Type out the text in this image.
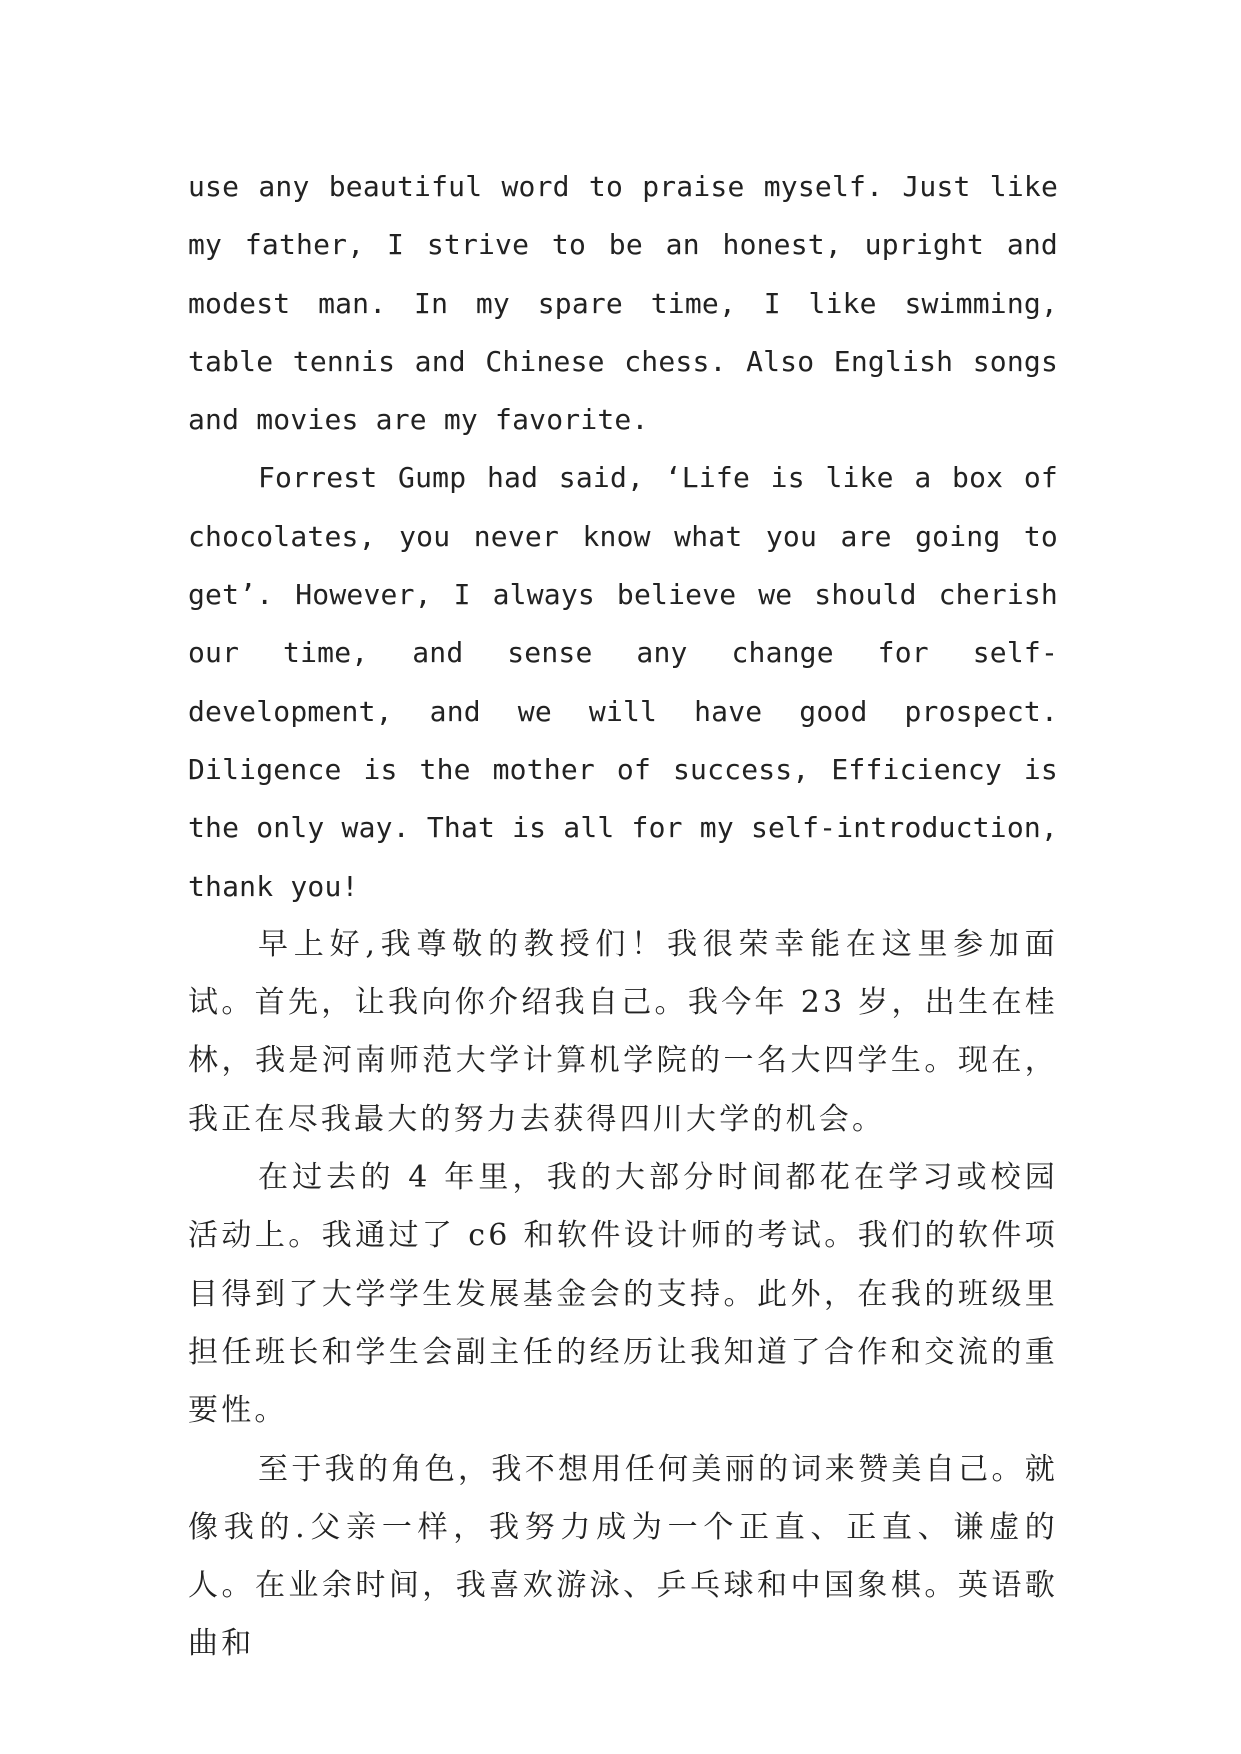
use any beautiful word to praise myself. Just like my father, I strive to be an honest, upright and modest man. In my spare time, I like swimming, table tennis and Chinese chess. Also English songs and movies are my favorite.

Forrest Gump had said, ‘Life is like a box of chocolates, you never know what you are going to get’. However, I always believe we should cherish our time, and sense any change for self-development, and we will have good prospect. Diligence is the mother of success, Efficiency is the only way. That is all for my self-introduction, thank you!

早上好,我尊敬的教授们！我很荣幸能在这里参加面试。首先，让我向你介绍我自己。我今年 23 岁，出生在桂林，我是河南师范大学计算机学院的一名大四学生。现在，我正在尽我最大的努力去获得四川大学的机会。

在过去的 4 年里，我的大部分时间都花在学习或校园活动上。我通过了 c6 和软件设计师的考试。我们的软件项目得到了大学学生发展基金会的支持。此外，在我的班级里担任班长和学生会副主任的经历让我知道了合作和交流的重要性。

至于我的角色，我不想用任何美丽的词来赞美自己。就像我的.父亲一样，我努力成为一个正直、正直、谦虚的人。在业余时间，我喜欢游泳、乒乓球和中国象棋。英语歌曲和
